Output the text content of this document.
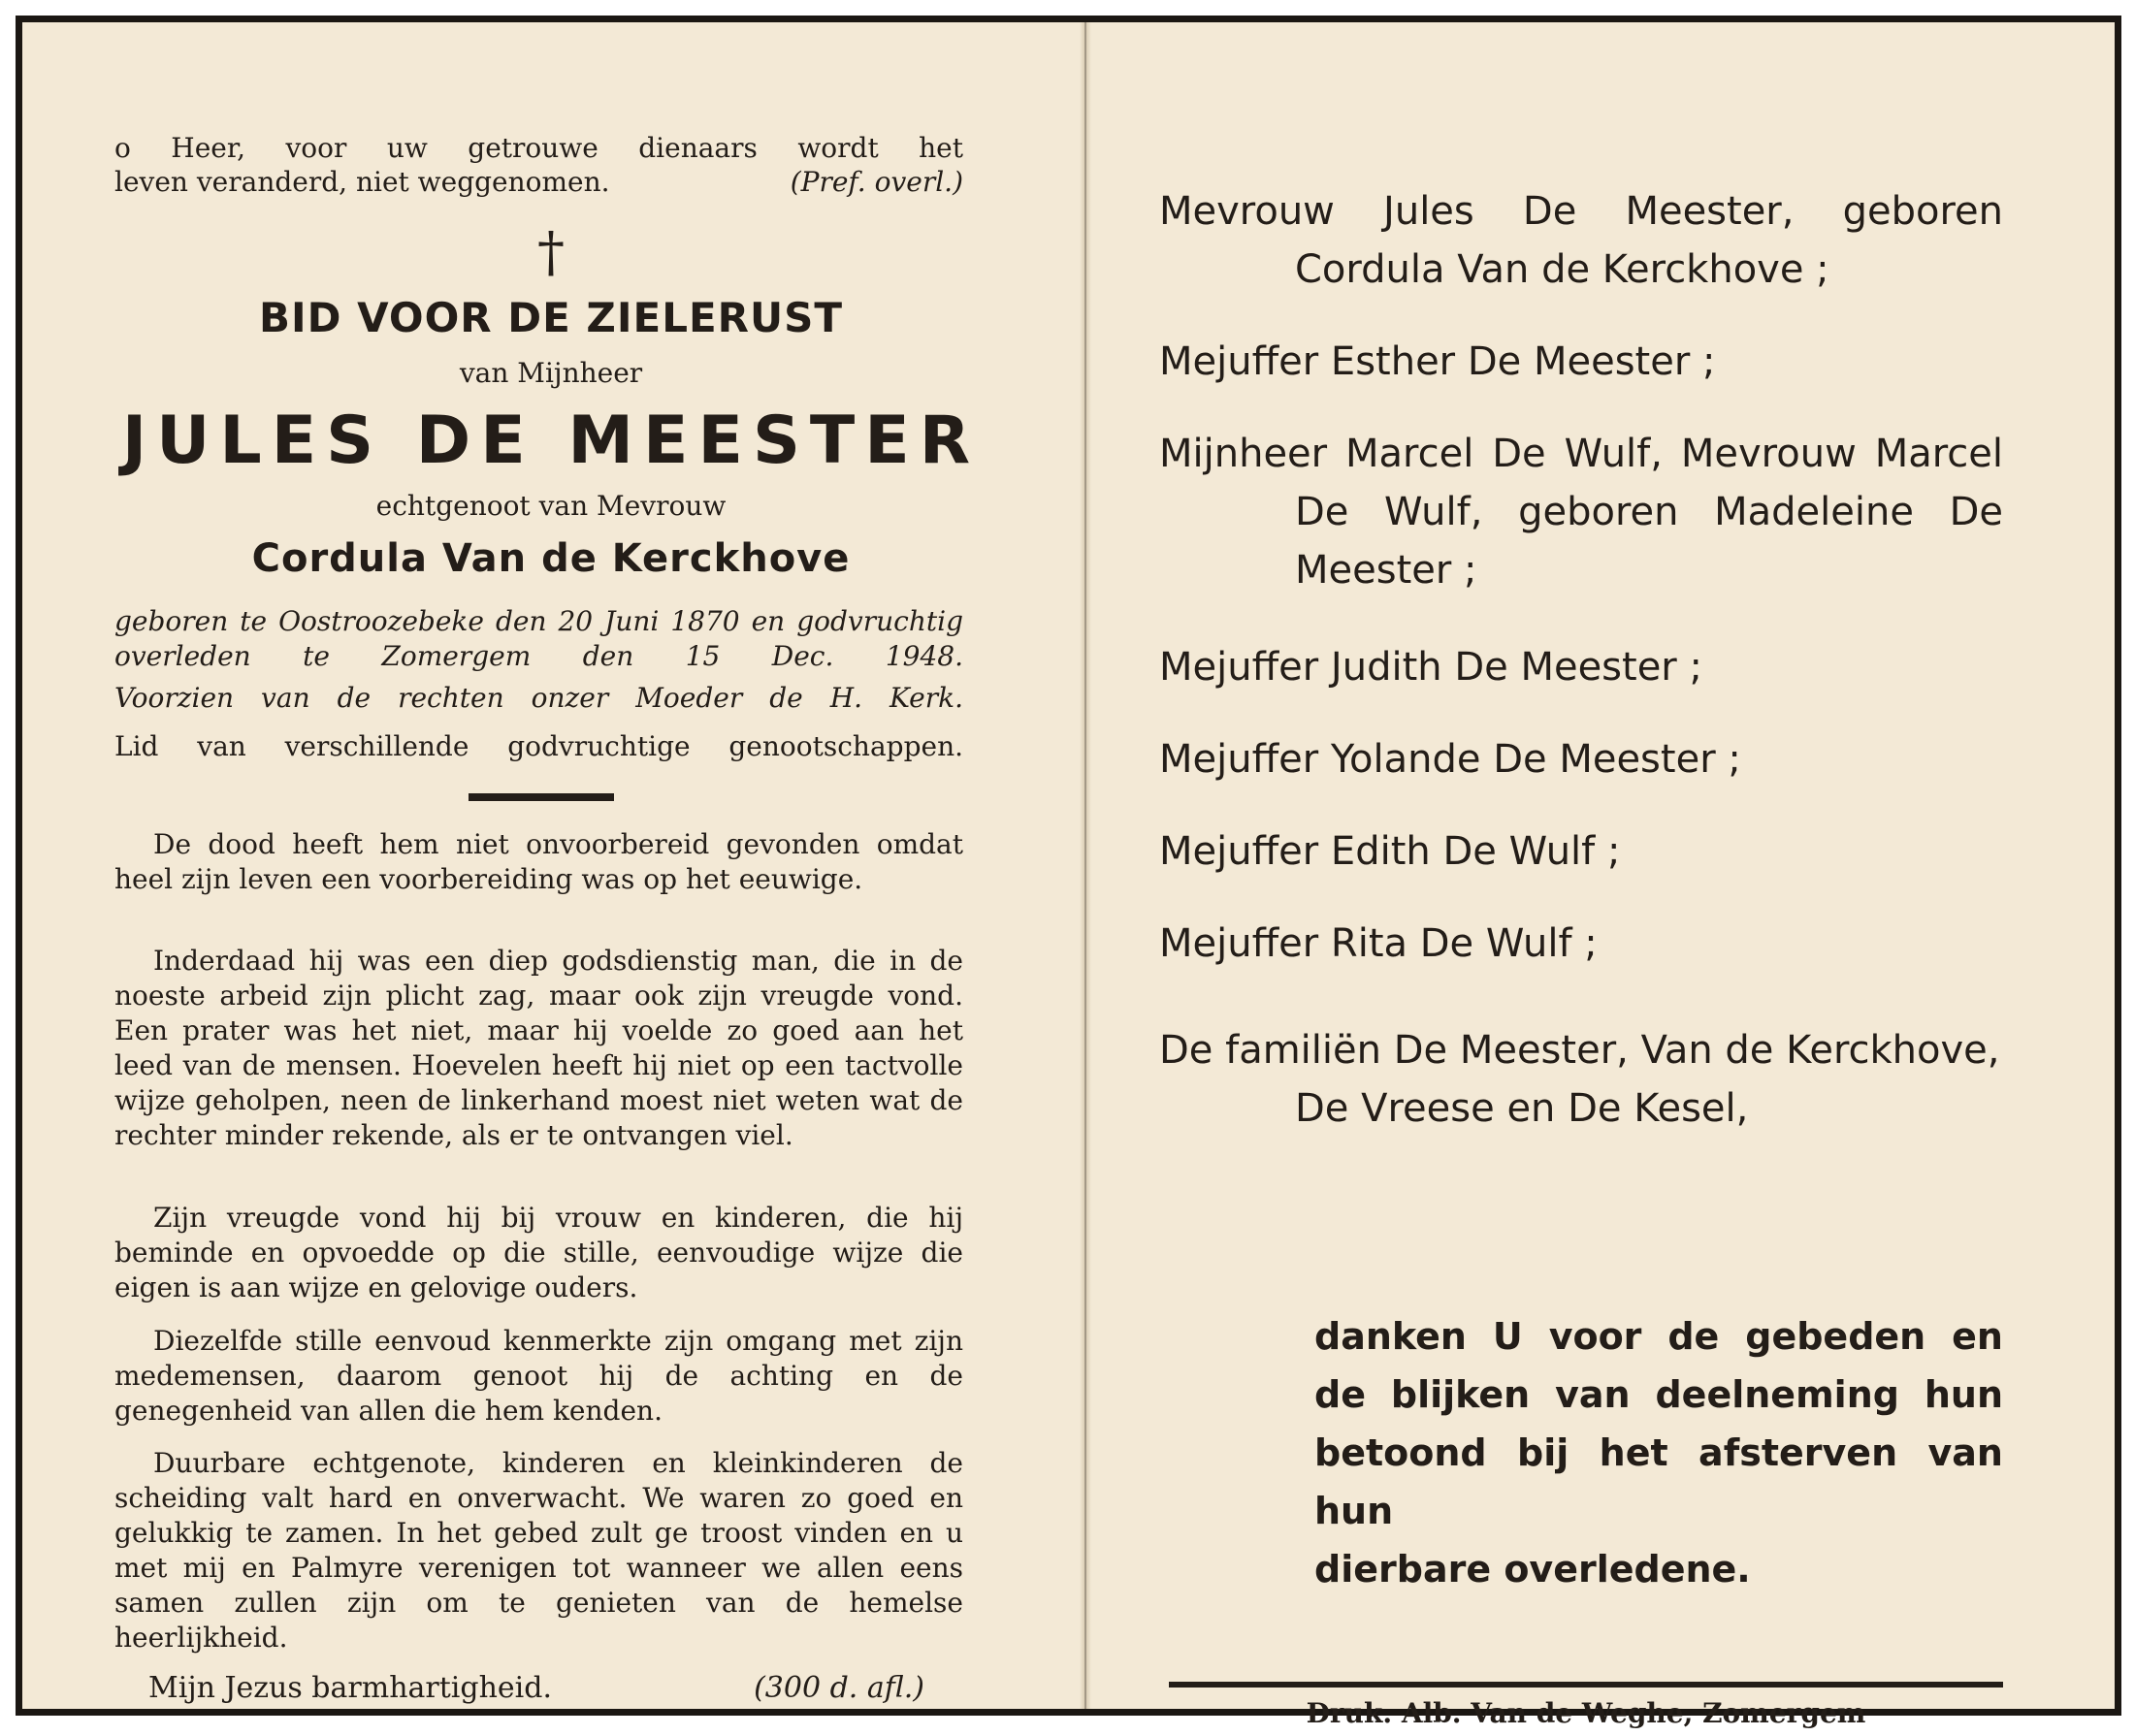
o Heer, voor uw getrouwe dienaars wordt het
leven veranderd, niet weggenomen.	(Pref. overl.)
†
BID VOOR DE ZIELERUST
van Mijnheer
JULES DE MEESTER
echtgenoot van Mevrouw
Cordula Van de Kerckhove
geboren te Oostroozebeke den 20 Juni 1870 en godvruchtig overleden te Zomergem den 15 Dec. 1948.
Voorzien van de rechten onzer Moeder de H. Kerk.
Lid van verschillende godvruchtige genootschappen.

De dood heeft hem niet onvoorbereid gevonden omdat heel zijn leven een voorbereiding was op het eeuwige.

Inderdaad hij was een diep godsdienstig man, die in de noeste arbeid zijn plicht zag, maar ook zijn vreugde vond. Een prater was het niet, maar hij voelde zo goed aan het leed van de mensen. Hoevelen heeft hij niet op een tactvolle wijze geholpen, neen de linkerhand moest niet weten wat de rechter minder rekende, als er te ontvangen viel.

Zijn vreugde vond hij bij vrouw en kinderen, die hij beminde en opvoedde op die stille, eenvoudige wijze die eigen is aan wijze en gelovige ouders.

Diezelfde stille eenvoud kenmerkte zijn omgang met zijn medemensen, daarom genoot hij de achting en de genegenheid van allen die hem kenden.

Duurbare echtgenote, kinderen en kleinkinderen de scheiding valt hard en onverwacht. We waren zo goed en gelukkig te zamen. In het gebed zult ge troost vinden en u met mij en Palmyre verenigen tot wanneer we allen eens samen zullen zijn om te genieten van de hemelse heerlijkheid.

Mijn Jezus barmhartigheid.	(300 d. afl.)
Mevrouw Jules De Meester, geboren
Cordula Van de Kerckhove ;
Mejuffer Esther De Meester ;
Mijnheer Marcel De Wulf, Mevrouw Marcel
De Wulf, geboren Madeleine De
Meester ;
Mejuffer Judith De Meester ;
Mejuffer Yolande De Meester ;
Mejuffer Edith De Wulf ;
Mejuffer Rita De Wulf ;
De familiën De Meester, Van de Kerckhove,
De Vreese en De Kesel,
danken U voor de gebeden en
de blijken van deelneming hun
betoond bij het afsterven van hun
dierbare overledene.
Druk. Alb. Van de Weghe, Zomergem
